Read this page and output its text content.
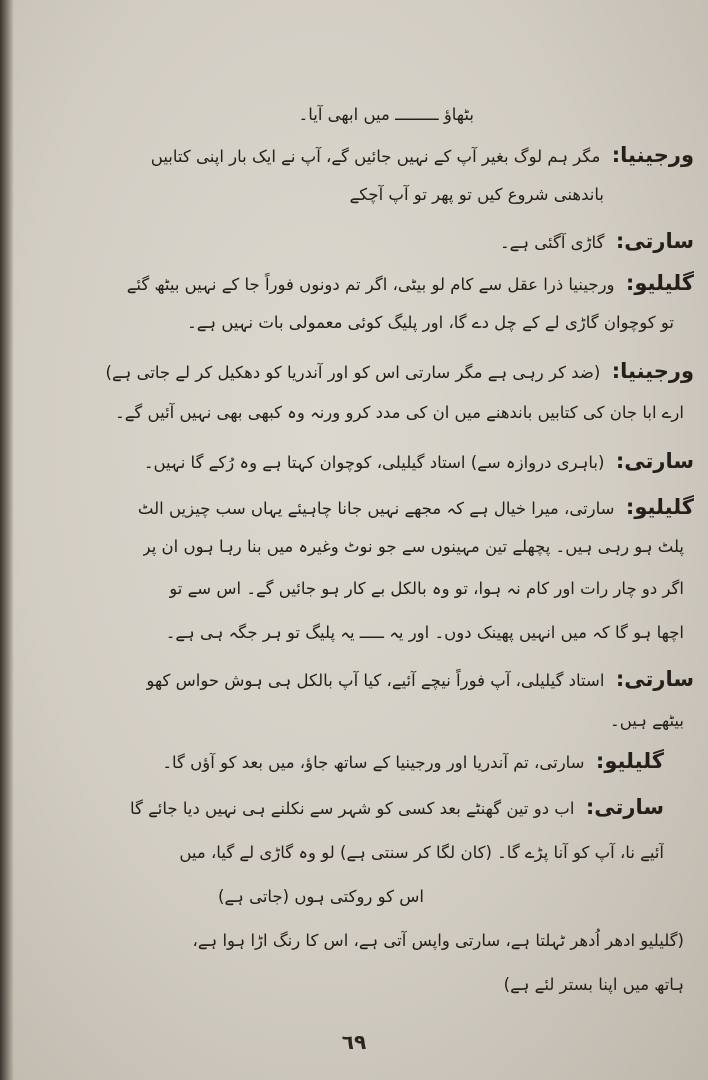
بٹھاؤ ـــــــــ میں ابھی آیا۔
ورجینیا: مگر ہم لوگ بغیر آپ کے نہیں جائیں گے، آپ نے ایک بار اپنی کتابیں
باندھنی شروع کیں تو پھر تو آپ آچکے
سارتی: گاڑی آگئی ہے۔
گلیلیو: ورجینیا ذرا عقل سے کام لو بیٹی، اگر تم دونوں فوراً جا کے نہیں بیٹھ گئے
تو کوچوان گاڑی لے کے چل دے گا، اور پلیگ کوئی معمولی بات نہیں ہے۔
ورجینیا: (ضد کر رہی ہے مگر سارتی اس کو اور آندریا کو دھکیل کر لے جاتی ہے)
ارے ابا جان کی کتابیں باندھنے میں ان کی مدد کرو ورنہ وہ کبھی بھی نہیں آئیں گے۔
سارتی: (باہری دروازہ سے) استاد گیلیلی، کوچوان کہتا ہے وہ رُکے گا نہیں۔
گلیلیو: سارتی، میرا خیال ہے کہ مجھے نہیں جانا چاہیئے یہاں سب چیزیں الٹ
پلٹ ہو رہی ہیں۔ پچھلے تین مہینوں سے جو نوٹ وغیرہ میں بنا رہا ہوں ان پر
اگر دو چار رات اور کام نہ ہوا، تو وہ بالکل بے کار ہو جائیں گے۔ اس سے تو
اچھا ہو گا کہ میں انہیں پھینک دوں۔ اور یہ ـــــ یہ پلیگ تو ہر جگہ ہی ہے۔
سارتی: استاد گیلیلی، آپ فوراً نیچے آئیے، کیا آپ بالکل ہی ہوش حواس کھو
بیٹھے ہیں۔
گلیلیو: سارتی، تم آندریا اور ورجینیا کے ساتھ جاؤ، میں بعد کو آؤں گا۔
سارتی: اب دو تین گھنٹے بعد کسی کو شہر سے نکلنے ہی نہیں دیا جائے گا
آئیے نا، آپ کو آنا پڑے گا۔ (کان لگا کر سنتی ہے) لو وہ گاڑی لے گیا، میں
اس کو روکتی ہوں (جاتی ہے)
(گلیلیو ادھر اُدھر ٹہلتا ہے، سارتی واپس آتی ہے، اس کا رنگ اڑا ہوا ہے،
ہاتھ میں اپنا بستر لئے ہے)
٦٩
